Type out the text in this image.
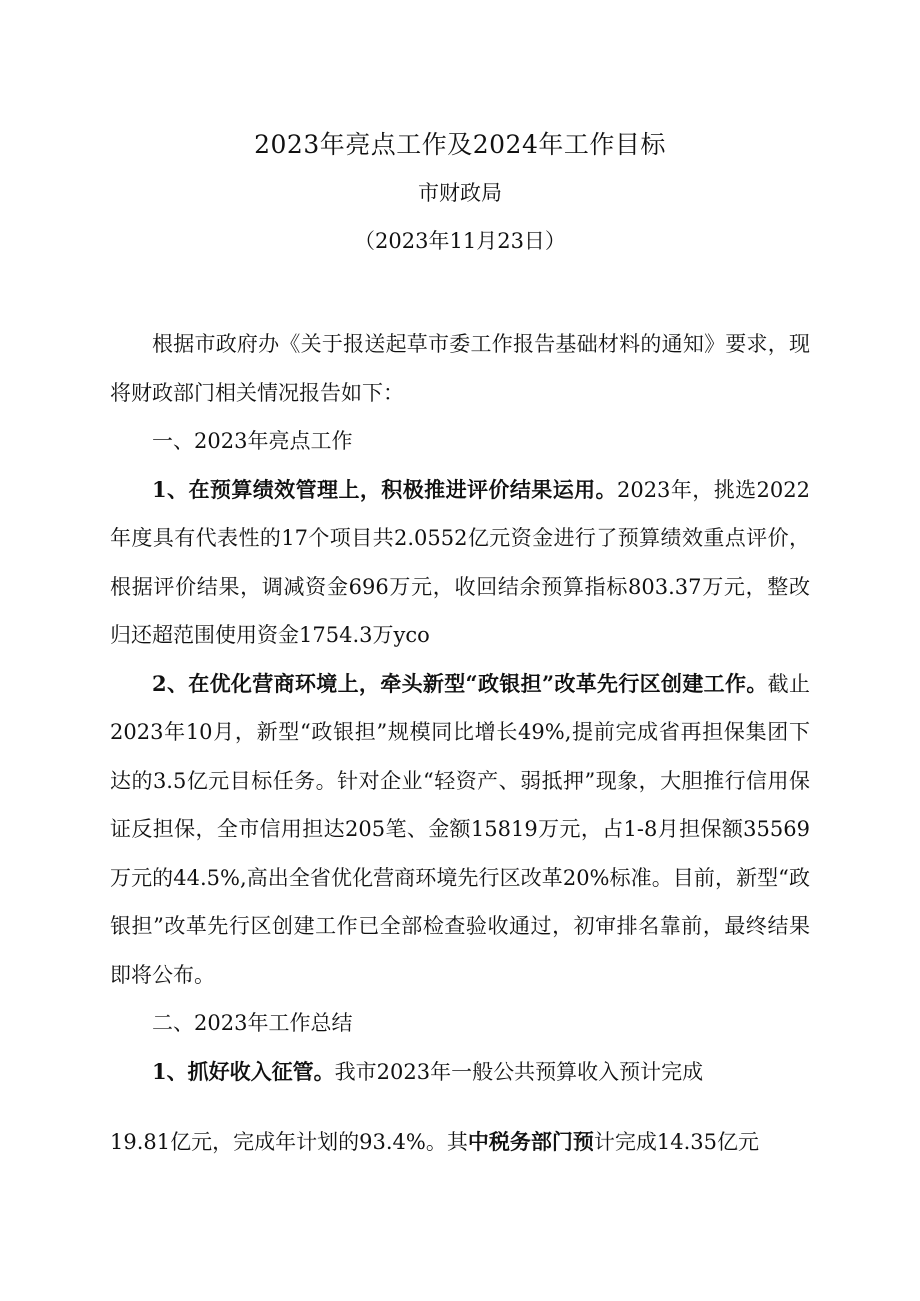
2023年亮点工作及2024年工作目标
市财政局
（2023年11月23日）

根据市政府办《关于报送起草市委工作报告基础材料的通知》要求，现将财政部门相关情况报告如下：

一、2023年亮点工作

1、在预算绩效管理上，积极推进评价结果运用。2023年，挑选2022年度具有代表性的17个项目共2.0552亿元资金进行了预算绩效重点评价，根据评价结果，调减资金696万元，收回结余预算指标803.37万元，整改归还超范围使用资金1754.3万yco

2、在优化营商环境上，牵头新型“政银担”改革先行区创建工作。截止2023年10月，新型“政银担”规模同比增长49%,提前完成省再担保集团下达的3.5亿元目标任务。针对企业“轻资产、弱抵押”现象，大胆推行信用保证反担保，全市信用担达205笔、金额15819万元，占1-8月担保额35569万元的44.5%,高出全省优化营商环境先行区改革20%标准。目前，新型“政银担”改革先行区创建工作已全部检查验收通过，初审排名靠前，最终结果即将公布。

二、2023年工作总结

1、抓好收入征管。我市2023年一般公共预算收入预计完成

19.81亿元，完成年计划的93.4%。其中税务部门预计完成14.35亿元
